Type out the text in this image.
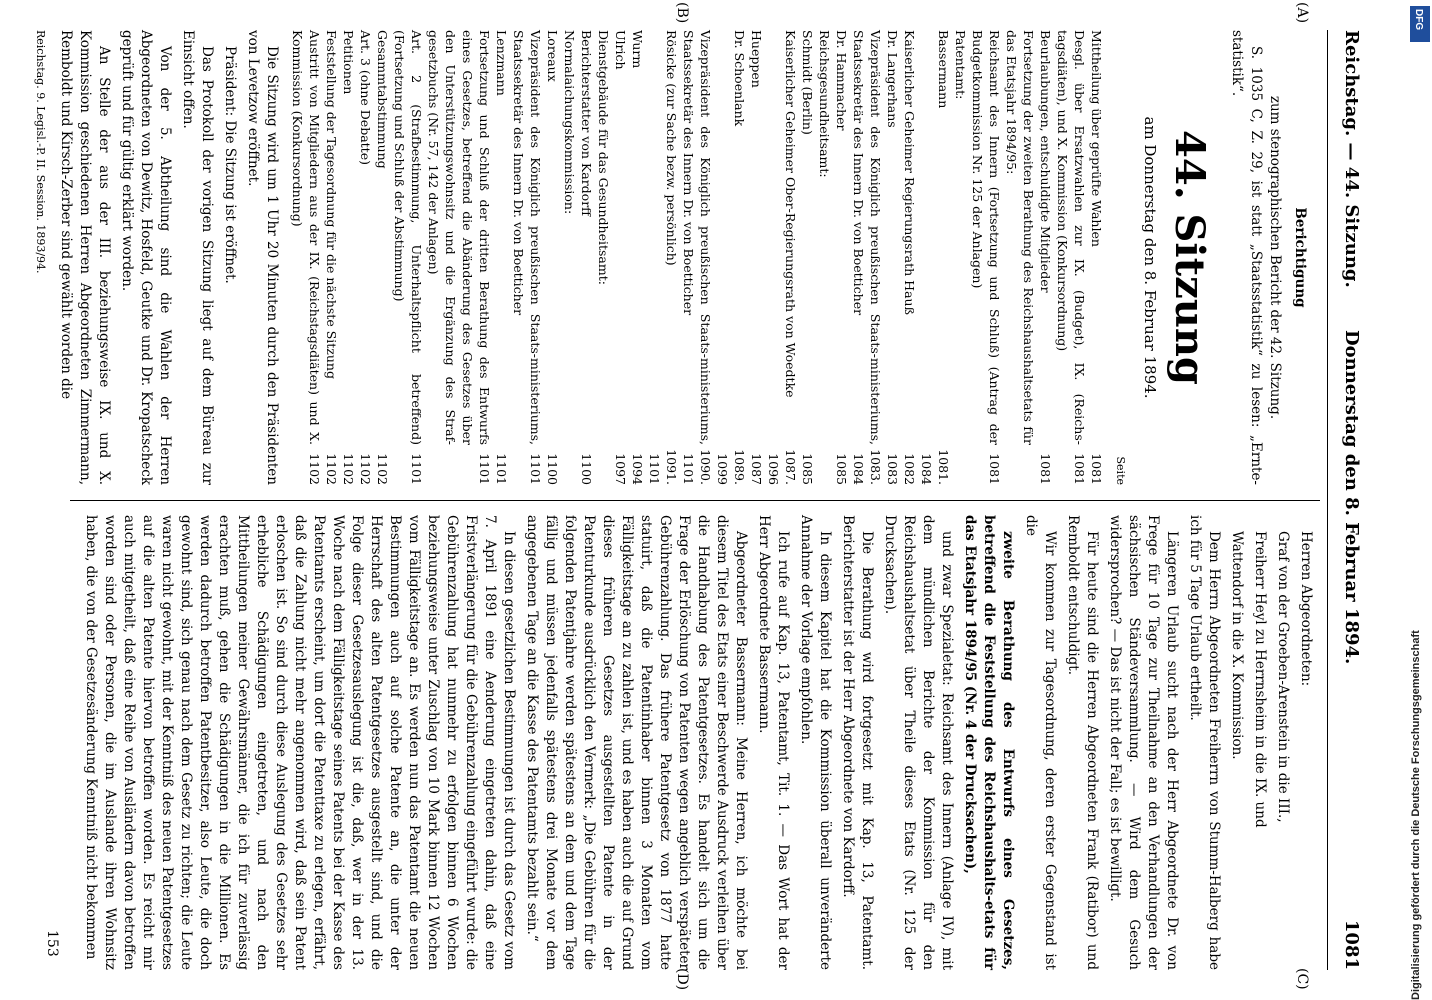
Reichstag. — 44. Sitzung.
Donnerstag den 8. Februar 1894.
1081
Berichtigung
zum stenographischen Bericht der 42. Sitzung.

S. 1035 C, Z. 29, ist statt „Staatsstatistik“ zu lesen: „Ernte-statistik“.

44. Sitzung
am Donnerstag den 8. Februar 1894.
Seite
Mittheilung über geprüfte Wahlen
1081
Desgl. über Ersatzwahlen zur IX. (Budget), IX. (Reichs-tagsdiäten), und X. Kommission (Konkursordnung)
1081
Beurlaubungen, entschuldigte Mitglieder
1081
Fortsetzung der zweiten Berathung des Reichshaushaltsetats für das Etatsjahr 1894/95:
Reichsamt des Innern (Fortsetzung und Schluß) (Antrag der Budgetkommission Nr. 125 der Anlagen)
1081
Patentamt:
Bassermann
1081. 1084
Kaiserlicher Geheimer Regierungsrath Hauß
1082
Dr. Langerhans
1083
Vizepräsident des Königlich preußischen Staats-ministeriums, Staatssekretär des Innern Dr. von Boetticher
1083. 1084
Dr. Hammacher
1085
Reichsgesundheitsamt:
Schmidt (Berlin)
1085
Kaiserlicher Geheimer Ober-Regierungsrath von Woedtke
1087. 1096
Hueppen
1087
Dr. Schoenlank
1089. 1099
Vizepräsident des Königlich preußischen Staats-ministeriums, Staatssekretär des Innern Dr. von Boetticher
1090. 1101
Rösicke (zur Sache bezw. persönlich)
1091. 1101
Wurm
1094
Ulrich
1097
Dienstgebäude für das Gesundheitsamt:
Berichterstatter von Kardorff
1100
Normalaichungskommission:
Loreaux
1100
Vizepräsident des Königlich preußischen Staats-ministeriums, Staatssekretär des Innern Dr. von Boetticher
1101
Lenzmann
1101
Fortsetzung und Schluß der dritten Berathung des Entwurfs eines Gesetzes, betreffend die Abänderung des Gesetzes über den Unterstützungswohnsitz und die Ergänzung des Straf-gesetzbuchs (Nr. 57, 142 der Anlagen)
1101
Art. 2 (Strafbestimmung, Unterhaltspflicht betreffend) (Fortsetzung und Schluß der Abstimmung)
1101
Gesammtabstimmung
1102
Art. 3 (ohne Debatte)
1102
Petitionen
1102
Feststellung der Tagesordnung für die nächste Sitzung
1102
Austritt von Mitgliedern aus der IX. (Reichstagsdiäten) und X. Kommission (Konkursordnung)
1102

Die Sitzung wird um 1 Uhr 20 Minuten durch den Präsidenten von Levetzow eröffnet.

Präsident: Die Sitzung ist eröffnet.

Das Protokoll der vorigen Sitzung liegt auf dem Büreau zur Einsicht offen.

Von der 5. Abtheilung sind die Wahlen der Herren Abgeordneten von Dewitz, Hosfeld, Geutke und Dr. Kropatscheck geprüft und für gültig erklärt worden.

An Stelle der aus der III. beziehungsweise IX. und X. Kommission geschiedenen Herren Abgeordneten Zimmermann, Remboldt und Kirsch-Zerber sind gewählt worden die

Reichstag. 9. Legisl.-P. II. Session. 1893/94.

Herren Abgeordneten:

Graf von der Groeben-Arenstein in die III.,

Freiherr Heyl zu Herrnsheim in die IX. und

Wattendorf in die X. Kommission.

Dem Herrn Abgeordneten Freiherrn von Stumm-Halberg habe ich für 5 Tage Urlaub ertheilt.

Längeren Urlaub sucht nach der Herr Abgeordnete Dr. von Frege für 10 Tage zur Theilnahme an den Verhandlungen der sächsischen Ständeversammlung. — Wird dem Gesuch widersprochen? — Das ist nicht der Fall; es ist bewilligt.

Für heute sind die Herren Abgeordneten Frank (Ratibor) und Remboldt entschuldigt.

Wir kommen zur Tagesordnung, deren erster Gegenstand ist die

zweite Berathung des Entwurfs eines Gesetzes, betreffend die Feststellung des Reichshaushalts-etats für das Etatsjahr 1894/95 (Nr. 4 der Drucksachen),

und zwar Spezialetat: Reichsamt des Innern (Anlage IV), mit dem mündlichen Berichte der Kommission für den Reichshaushaltsetat über Theile dieses Etats (Nr. 125 der Drucksachen).

Die Berathung wird fortgesetzt mit Kap. 13, Patentamt. Berichterstatter ist der Herr Abgeordnete von Kardorff.

In diesem Kapitel hat die Kommission überall unveränderte Annahme der Vorlage empfohlen.

Ich rufe auf Kap. 13, Patentamt, Tit. 1. — Das Wort hat der Herr Abgeordnete Bassermann.

Abgeordneter Bassermann: Meine Herren, ich möchte bei diesem Titel des Etats einer Beschwerde Ausdruck verleihen über die Handhabung des Patentgesetzes. Es handelt sich um die Frage der Erlöschung von Patenten wegen angeblich verspäteter Gebührenzahlung. Das frühere Patentgesetz von 1877 hatte statuirt, daß die Patentinhaber binnen 3 Monaten vom Fälligkeitstage an zu zahlen ist, und es haben auch die auf Grund dieses früheren Gesetzes ausgestellten Patente in der Patenturkunde ausdrücklich den Vermerk: „Die Gebühren für die folgenden Patentjahre werden spätestens an dem und dem Tage fällig und müssen jedenfalls spätestens drei Monate vor dem angegebenen Tage an die Kasse des Patentamts bezahlt sein.“

In diesen gesetzlichen Bestimmungen ist durch das Gesetz vom 7. April 1891 eine Aenderung eingetreten dahin, daß eine Fristverlängerung für die Gebührenzahlung eingeführt wurde: die Gebührenzahlung hat nunmehr zu erfolgen binnen 6 Wochen beziehungsweise unter Zuschlag von 10 Mark binnen 12 Wochen vom Fälligkeitstage an. Es werden nun das Patentamt die neuen Bestimmungen auch auf solche Patente an, die unter der Herrschaft des alten Patentgesetzes ausgestellt sind, und die Folge dieser Gesetzesauslegung ist die, daß, wer in der 13. Woche nach dem Fälligkeitstage seines Patents bei der Kasse des Patentamts erscheint, um dort die Patenttaxe zu erlegen, erfährt, daß die Zahlung nicht mehr angenommen wird, daß sein Patent erloschen ist. So sind durch diese Auslegung des Gesetzes sehr erhebliche Schädigungen eingetreten, und nach den Mittheilungen meiner Gewährsmänner, die ich für zuverlässig erachten muß, gehen die Schädigungen in die Millionen. Es werden dadurch betroffen Patentbesitzer, also Leute, die doch gewohnt sind, sich genau nach dem Gesetz zu richten; die Leute waren nicht gewohnt, mit der Kenntniß des neuen Patentgesetzes auf die alten Patente hiervon betroffen worden. Es reicht mir auch mitgetheilt, daß eine Reihe von Ausländern davon betroffen worden sind oder Personen, die im Auslande ihren Wohnsitz haben, die von der Gesetzesänderung Kenntniß nicht bekommen

(A)
(B)
(C)
(D)
153	Digitalisierung gefördert durch die Deutsche Forschungsgemeinschaft
DFG
